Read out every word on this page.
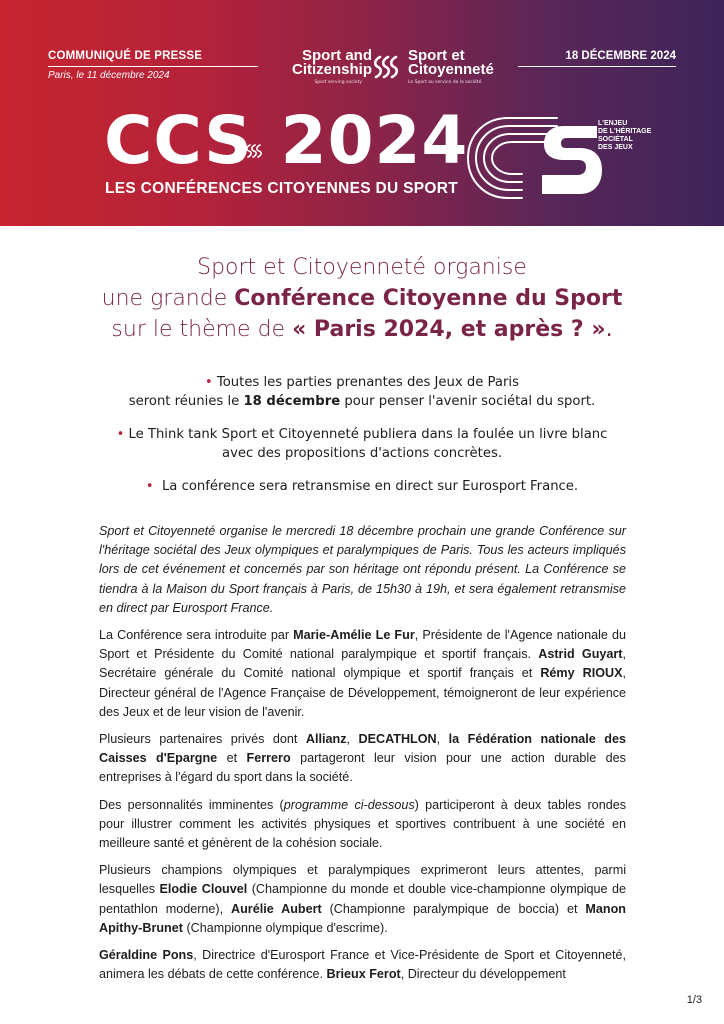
COMMUNIQUÉ DE PRESSE
Paris, le 11 décembre 2024
Sport and
Citizenship
Sport serving society
Sport et
Citoyenneté
Le Sport au service de la société
18 DÉCEMBRE 2024
CCS 2024
LES CONFÉRENCES CITOYENNES DU SPORT
L'ENJEU
DE L'HÉRITAGE
SOCIÉTAL
DES JEUX
Sport et Citoyenneté organise
une grande Conférence Citoyenne du Sport
sur le thème de « Paris 2024, et après ? ».
• Toutes les parties prenantes des Jeux de Paris
seront réunies le 18 décembre pour penser l'avenir sociétal du sport.
• Le Think tank Sport et Citoyenneté publiera dans la foulée un livre blanc
avec des propositions d'actions concrètes.
• La conférence sera retransmise en direct sur Eurosport France.

Sport et Citoyenneté organise le mercredi 18 décembre prochain une grande Conférence sur l'héritage sociétal des Jeux olympiques et paralympiques de Paris. Tous les acteurs impliqués lors de cet événement et concernés par son héritage ont répondu présent. La Conférence se tiendra à la Maison du Sport français à Paris, de 15h30 à 19h, et sera également retransmise en direct par Eurosport France.

La Conférence sera introduite par Marie-Amélie Le Fur, Présidente de l'Agence nationale du Sport et Présidente du Comité national paralympique et sportif français. Astrid Guyart, Secrétaire générale du Comité national olympique et sportif français et Rémy RIOUX, Directeur général de l'Agence Française de Développement, témoigneront de leur expérience des Jeux et de leur vision de l'avenir.

Plusieurs partenaires privés dont Allianz, DECATHLON, la Fédération nationale des Caisses d'Epargne et Ferrero partageront leur vision pour une action durable des entreprises à l'égard du sport dans la société.

Des personnalités imminentes (programme ci-dessous) participeront à deux tables rondes pour illustrer comment les activités physiques et sportives contribuent à une société en meilleure santé et génèrent de la cohésion sociale.

Plusieurs champions olympiques et paralympiques exprimeront leurs attentes, parmi lesquelles Elodie Clouvel (Championne du monde et double vice-championne olympique de pentathlon moderne), Aurélie Aubert (Championne paralympique de boccia) et Manon Apithy-Brunet (Championne olympique d'escrime).

Géraldine Pons, Directrice d'Eurosport France et Vice-Présidente de Sport et Citoyenneté, animera les débats de cette conférence. Brieux Ferot, Directeur du développement

1/3
